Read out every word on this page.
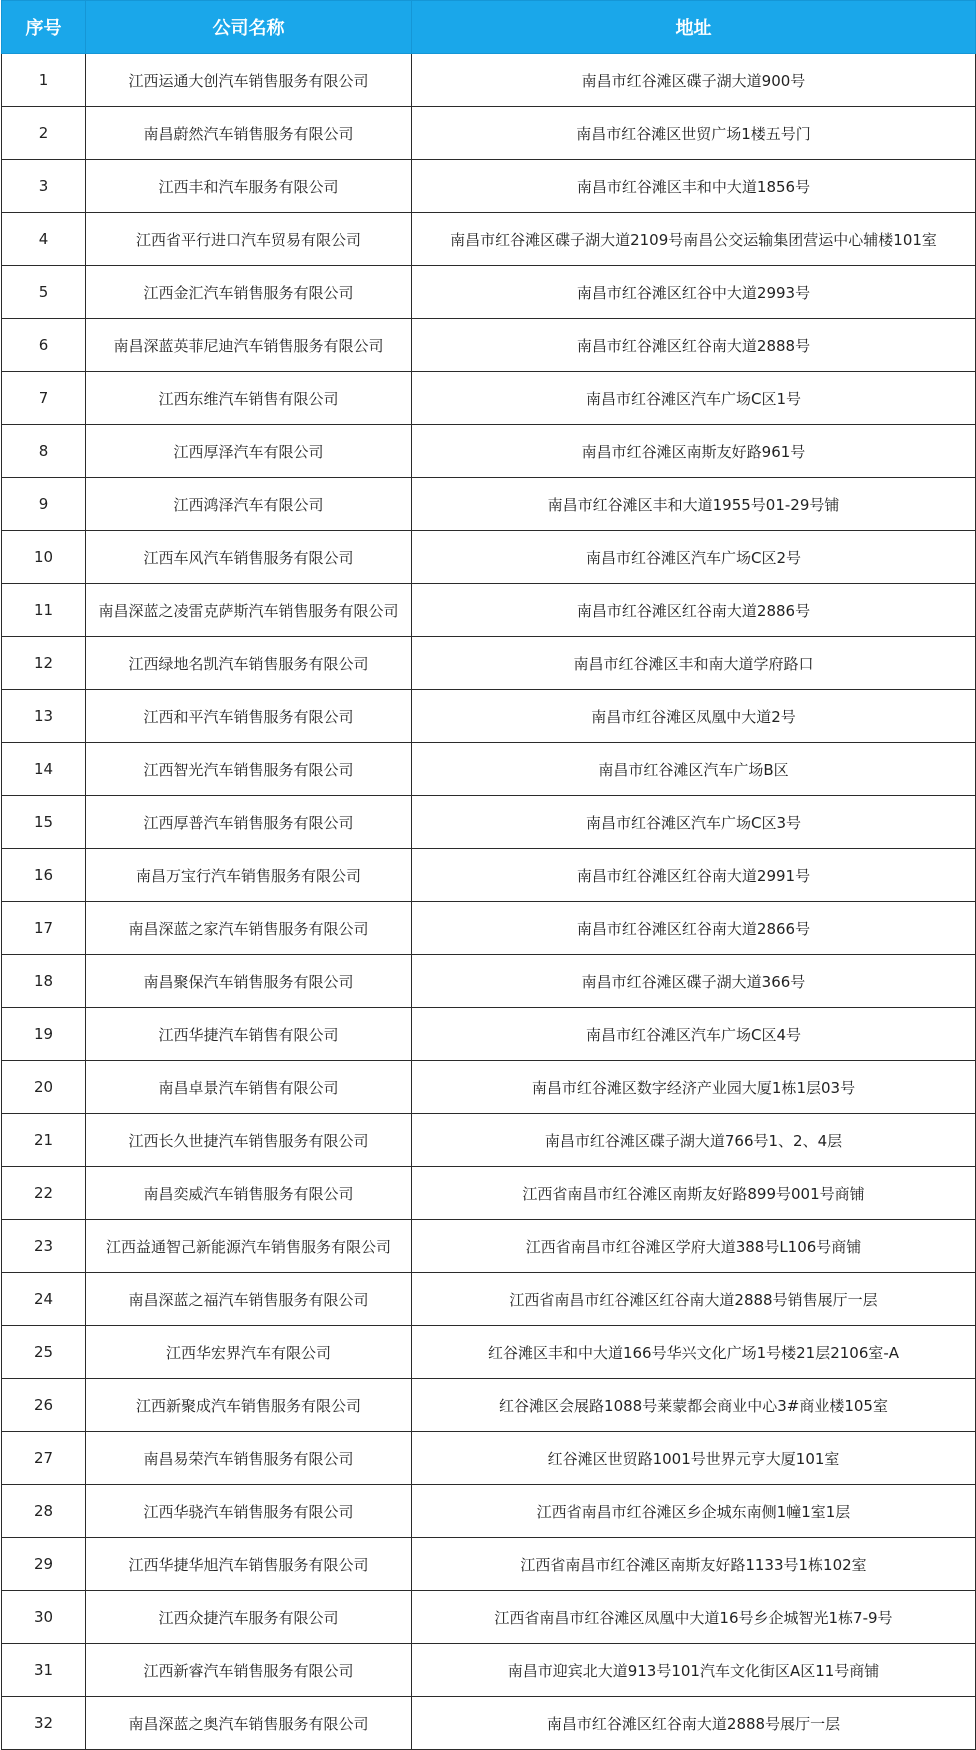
序号	公司名称	地址
1	江西运通大创汽车销售服务有限公司	南昌市红谷滩区碟子湖大道900号
2	南昌蔚然汽车销售服务有限公司	南昌市红谷滩区世贸广场1楼五号门
3	江西丰和汽车服务有限公司	南昌市红谷滩区丰和中大道1856号
4	江西省平行进口汽车贸易有限公司	南昌市红谷滩区碟子湖大道2109号南昌公交运输集团营运中心辅楼101室
5	江西金汇汽车销售服务有限公司	南昌市红谷滩区红谷中大道2993号
6	南昌深蓝英菲尼迪汽车销售服务有限公司	南昌市红谷滩区红谷南大道2888号
7	江西东维汽车销售有限公司	南昌市红谷滩区汽车广场C区1号
8	江西厚泽汽车有限公司	南昌市红谷滩区南斯友好路961号
9	江西鸿泽汽车有限公司	南昌市红谷滩区丰和大道1955号01-29号铺
10	江西车风汽车销售服务有限公司	南昌市红谷滩区汽车广场C区2号
11	南昌深蓝之凌雷克萨斯汽车销售服务有限公司	南昌市红谷滩区红谷南大道2886号
12	江西绿地名凯汽车销售服务有限公司	南昌市红谷滩区丰和南大道学府路口
13	江西和平汽车销售服务有限公司	南昌市红谷滩区凤凰中大道2号
14	江西智光汽车销售服务有限公司	南昌市红谷滩区汽车广场B区
15	江西厚普汽车销售服务有限公司	南昌市红谷滩区汽车广场C区3号
16	南昌万宝行汽车销售服务有限公司	南昌市红谷滩区红谷南大道2991号
17	南昌深蓝之家汽车销售服务有限公司	南昌市红谷滩区红谷南大道2866号
18	南昌聚保汽车销售服务有限公司	南昌市红谷滩区碟子湖大道366号
19	江西华捷汽车销售有限公司	南昌市红谷滩区汽车广场C区4号
20	南昌卓景汽车销售有限公司	南昌市红谷滩区数字经济产业园大厦1栋1层03号
21	江西长久世捷汽车销售服务有限公司	南昌市红谷滩区碟子湖大道766号1、2、4层
22	南昌奕威汽车销售服务有限公司	江西省南昌市红谷滩区南斯友好路899号001号商铺
23	江西益通智己新能源汽车销售服务有限公司	江西省南昌市红谷滩区学府大道388号L106号商铺
24	南昌深蓝之福汽车销售服务有限公司	江西省南昌市红谷滩区红谷南大道2888号销售展厅一层
25	江西华宏界汽车有限公司	红谷滩区丰和中大道166号华兴文化广场1号楼21层2106室-A
26	江西新聚成汽车销售服务有限公司	红谷滩区会展路1088号莱蒙都会商业中心3#商业楼105室
27	南昌易荣汽车销售服务有限公司	红谷滩区世贸路1001号世界元亨大厦101室
28	江西华骁汽车销售服务有限公司	江西省南昌市红谷滩区乡企城东南侧1幢1室1层
29	江西华捷华旭汽车销售服务有限公司	江西省南昌市红谷滩区南斯友好路1133号1栋102室
30	江西众捷汽车服务有限公司	江西省南昌市红谷滩区凤凰中大道16号乡企城智光1栋7-9号
31	江西新睿汽车销售服务有限公司	南昌市迎宾北大道913号101汽车文化街区A区11号商铺
32	南昌深蓝之奥汽车销售服务有限公司	南昌市红谷滩区红谷南大道2888号展厅一层
